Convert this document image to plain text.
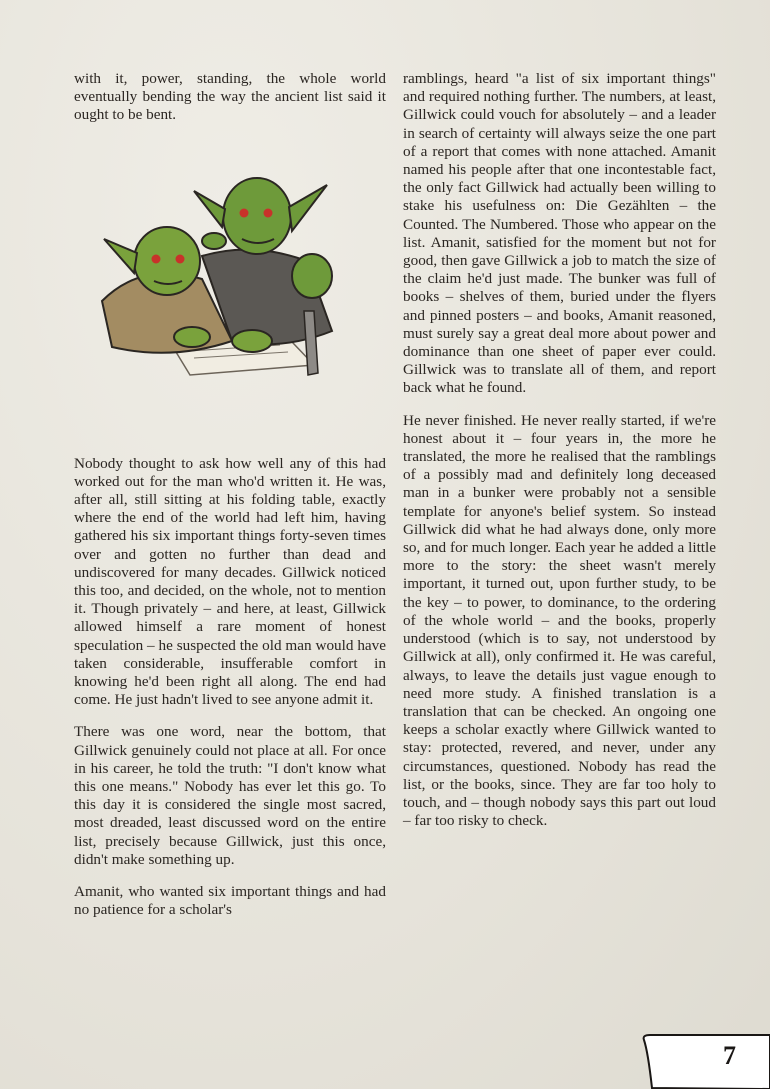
with it, power, standing, the whole world eventually bending the way the ancient list said it ought to be bent.

Nobody thought to ask how well any of this had worked out for the man who'd written it. He was, after all, still sitting at his folding table, exactly where the end of the world had left him, having gathered his six important things forty-seven times over and gotten no further than dead and undiscovered for many decades. Gillwick noticed this too, and decided, on the whole, not to mention it. Though privately – and here, at least, Gillwick allowed himself a rare moment of honest speculation – he suspected the old man would have taken considerable, insufferable comfort in knowing he'd been right all along. The end had come. He just hadn't lived to see anyone admit it.

There was one word, near the bottom, that Gillwick genuinely could not place at all. For once in his career, he told the truth: "I don't know what this one means." Nobody has ever let this go. To this day it is considered the single most sacred, most dreaded, least discussed word on the entire list, precisely because Gillwick, just this once, didn't make something up.

Amanit, who wanted six important things and had no patience for a scholar's

ramblings, heard "a list of six important things" and required nothing further. The numbers, at least, Gillwick could vouch for absolutely – and a leader in search of certainty will always seize the one part of a report that comes with none attached. Amanit named his people after that one incontestable fact, the only fact Gillwick had actually been willing to stake his usefulness on: Die Gezählten – the Counted. The Numbered. Those who appear on the list. Amanit, satisfied for the moment but not for good, then gave Gillwick a job to match the size of the claim he'd just made. The bunker was full of books – shelves of them, buried under the flyers and pinned posters – and books, Amanit reasoned, must surely say a great deal more about power and dominance than one sheet of paper ever could. Gillwick was to translate all of them, and report back what he found.

He never finished. He never really started, if we're honest about it – four years in, the more he translated, the more he realised that the ramblings of a possibly mad and definitely long deceased man in a bunker were probably not a sensible template for anyone's belief system. So instead Gillwick did what he had always done, only more so, and for much longer. Each year he added a little more to the story: the sheet wasn't merely important, it turned out, upon further study, to be the key – to power, to dominance, to the ordering of the whole world – and the books, properly understood (which is to say, not understood by Gillwick at all), only confirmed it. He was careful, always, to leave the details just vague enough to need more study. A finished translation is a translation that can be checked. An ongoing one keeps a scholar exactly where Gillwick wanted to stay: protected, revered, and never, under any circumstances, questioned. Nobody has read the list, or the books, since. They are far too holy to touch, and – though nobody says this part out loud – far too risky to check.

7
